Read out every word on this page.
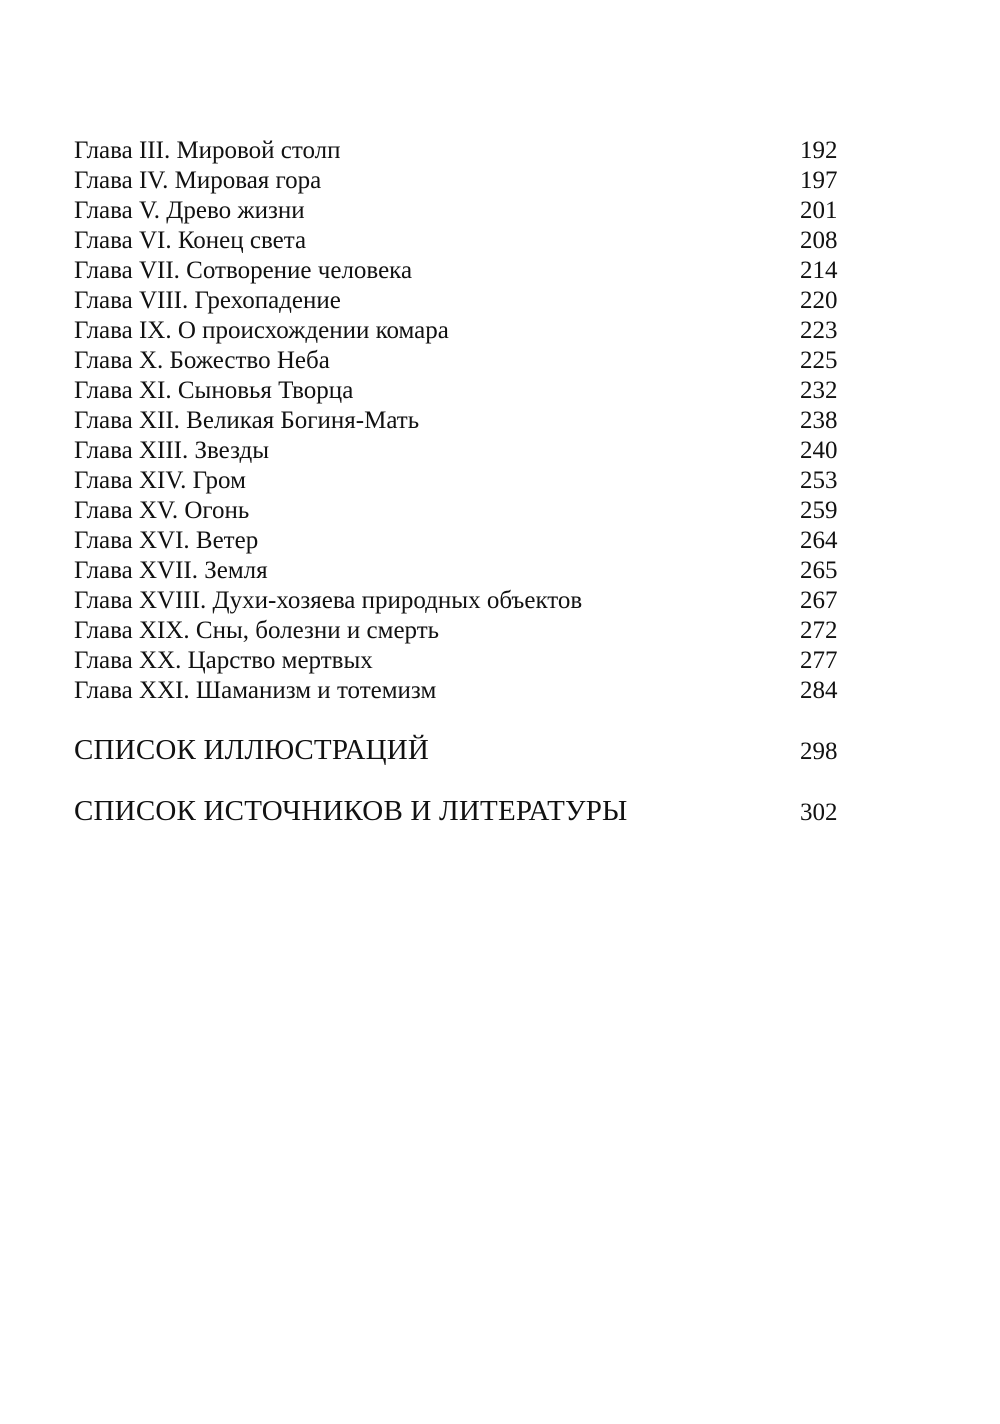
Глава III. Мировой столп	192
Глава IV. Мировая гора	197
Глава V. Древо жизни	201
Глава VI. Конец света	208
Глава VII. Сотворение человека	214
Глава VIII. Грехопадение	220
Глава IX. О происхождении комара	223
Глава X. Божество Неба	225
Глава XI. Сыновья Творца	232
Глава XII. Великая Богиня-Мать	238
Глава XIII. Звезды	240
Глава XIV. Гром	253
Глава XV. Огонь	259
Глава XVI. Ветер	264
Глава XVII. Земля	265
Глава XVIII. Духи-хозяева природных объектов	267
Глава XIX. Сны, болезни и смерть	272
Глава XX. Царство мертвых	277
Глава XXI. Шаманизм и тотемизм	284
СПИСОК ИЛЛЮСТРАЦИЙ	298
СПИСОК ИСТОЧНИКОВ И ЛИТЕРАТУРЫ	302
